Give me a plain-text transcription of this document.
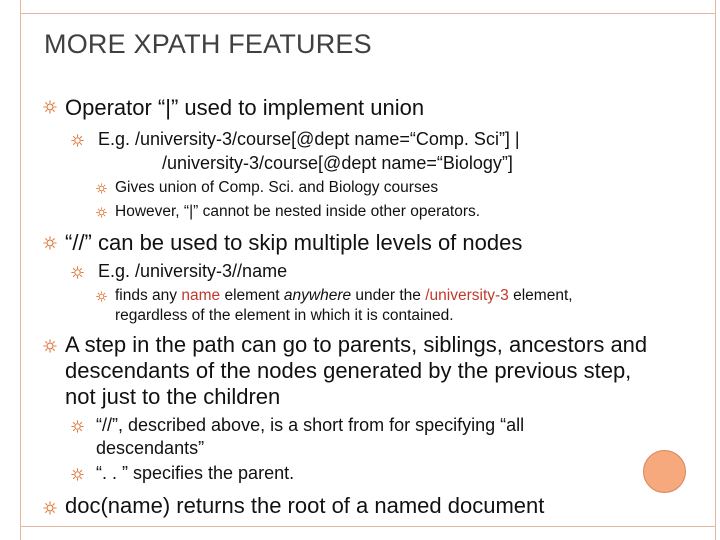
MORE XPATH FEATURES
Operator “|” used to implement union
E.g. /university-3/course[@dept name=“Comp. Sci”] |
/university-3/course[@dept name=“Biology”]
Gives union of Comp. Sci. and Biology courses
However, “|” cannot be nested inside other operators.
“//” can be used to skip multiple levels of nodes
E.g. /university-3//name
finds any name element anywhere under the /university-3 element,
regardless of the element in which it is contained.
A step in the path can go to parents, siblings, ancestors and
descendants of the nodes generated by the previous step,
not just to the children
“//”, described above, is a short from for specifying “all
descendants”
“. . ” specifies the parent.
doc(name) returns the root of a named document
